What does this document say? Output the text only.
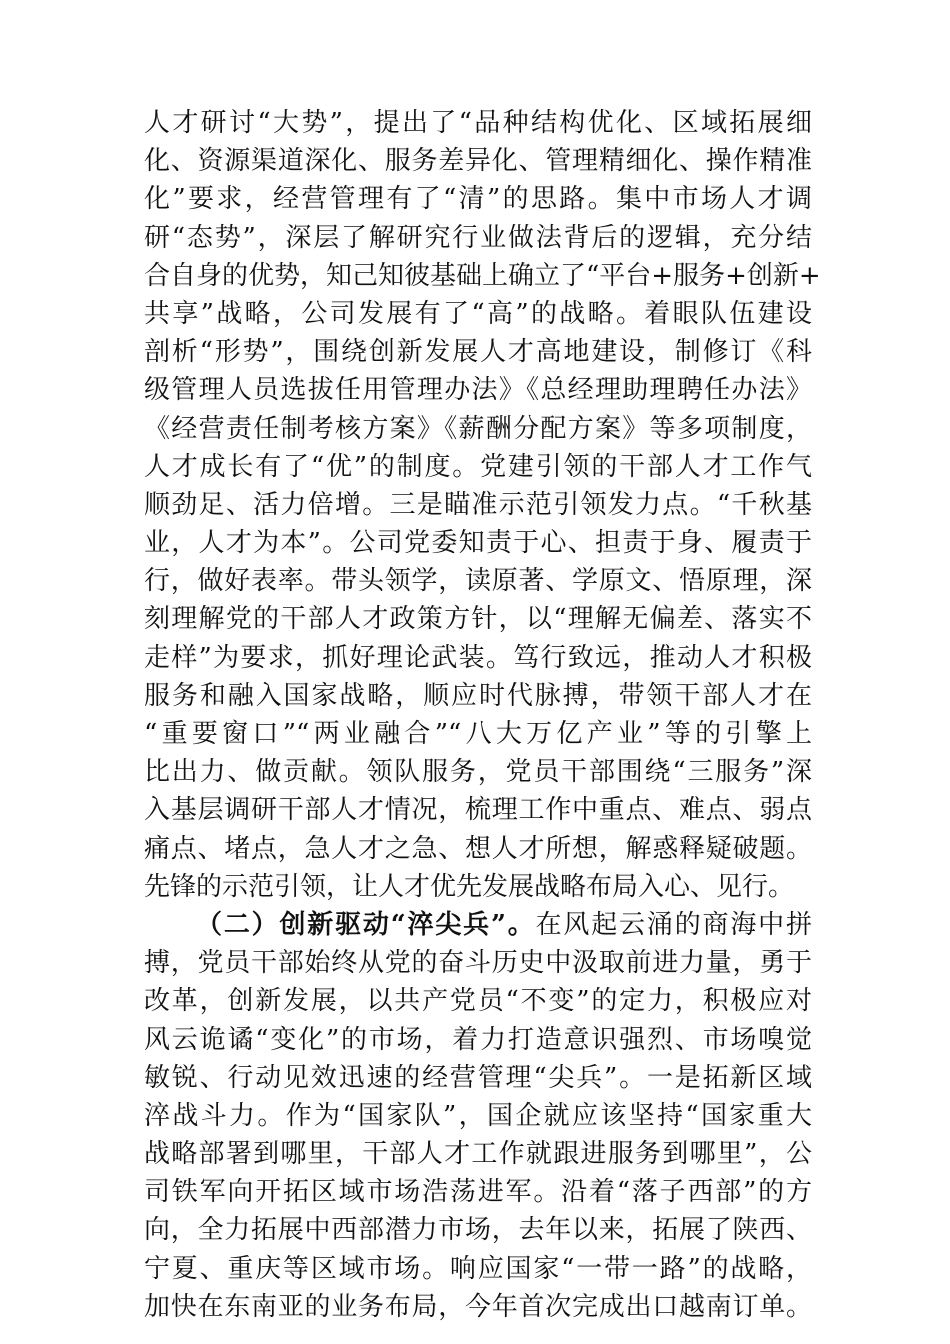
人才研讨“大势”，提出了“品种结构优化、区域拓展细
化、资源渠道深化、服务差异化、管理精细化、操作精准
化”要求，经营管理有了“清”的思路。集中市场人才调
研“态势”，深层了解研究行业做法背后的逻辑，充分结
合自身的优势，知己知彼基础上确立了“平台+服务+创新+
共享”战略，公司发展有了“高”的战略。着眼队伍建设
剖析“形势”，围绕创新发展人才高地建设，制修订《科
级管理人员选拔任用管理办法》《总经理助理聘任办法》
《经营责任制考核方案》《薪酬分配方案》等多项制度，
人才成长有了“优”的制度。党建引领的干部人才工作气
顺劲足、活力倍增。三是瞄准示范引领发力点。“千秋基
业，人才为本”。公司党委知责于心、担责于身、履责于
行，做好表率。带头领学，读原著、学原文、悟原理，深
刻理解党的干部人才政策方针，以“理解无偏差、落实不
走样”为要求，抓好理论武装。笃行致远，推动人才积极
服务和融入国家战略，顺应时代脉搏，带领干部人才在
“重要窗口”“两业融合”“八大万亿产业”等的引擎上
比出力、做贡献。领队服务，党员干部围绕“三服务”深
入基层调研干部人才情况，梳理工作中重点、难点、弱点
痛点、堵点，急人才之急、想人才所想，解惑释疑破题。
先锋的示范引领，让人才优先发展战略布局入心、见行。
（二）创新驱动“淬尖兵”。在风起云涌的商海中拼
搏，党员干部始终从党的奋斗历史中汲取前进力量，勇于
改革，创新发展，以共产党员“不变”的定力，积极应对
风云诡谲“变化”的市场，着力打造意识强烈、市场嗅觉
敏锐、行动见效迅速的经营管理“尖兵”。一是拓新区域
淬战斗力。作为“国家队”，国企就应该坚持“国家重大
战略部署到哪里，干部人才工作就跟进服务到哪里”，公
司铁军向开拓区域市场浩荡进军。沿着“落子西部”的方
向，全力拓展中西部潜力市场，去年以来，拓展了陕西、
宁夏、重庆等区域市场。响应国家“一带一路”的战略，
加快在东南亚的业务布局，今年首次完成出口越南订单。
